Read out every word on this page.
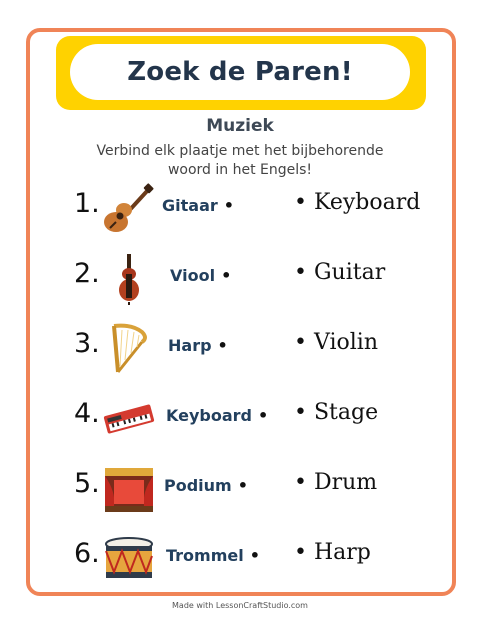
Zoek de Paren!
Muziek
Verbind elk plaatje met het bijbehorende
woord in het Engels!
1.	Gitaar •	• Keyboard
2.	Viool •	• Guitar
3.	Harp •	• Violin
4.	Keyboard • • Stage
5.	Podium • • Drum
6.	Trommel • • Harp
Made with LessonCraftStudio.com
